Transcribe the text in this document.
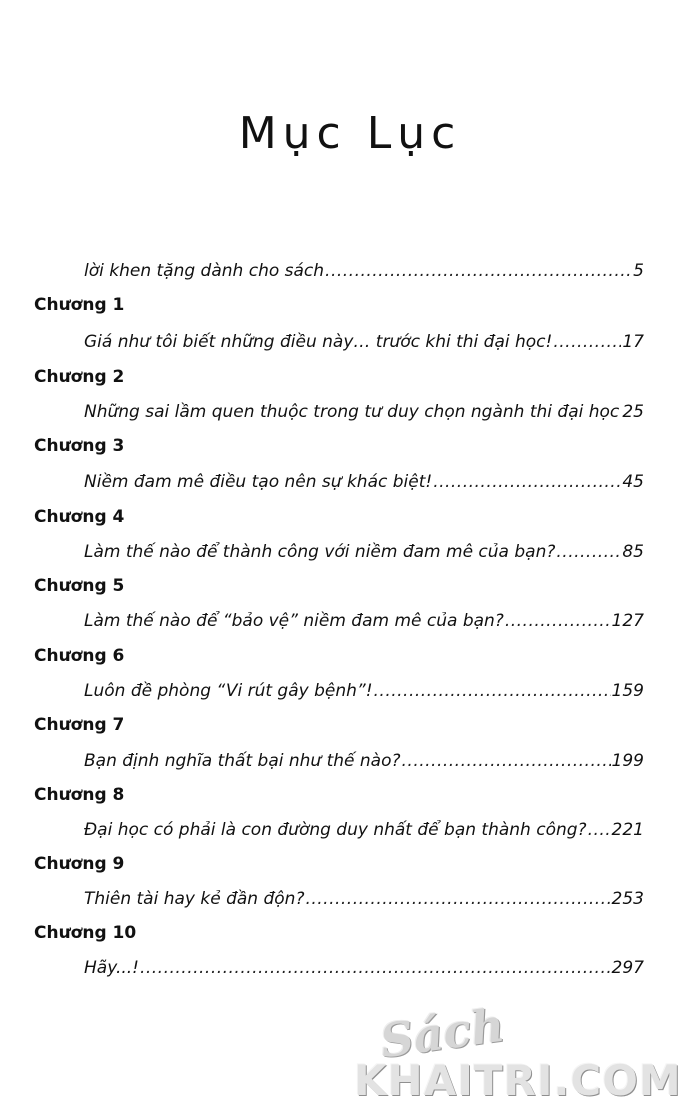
Mục Lục
lời khen tặng dành cho sách .....	5
Chương 1
Giá như tôi biết những điều này… trước khi thi đại học! .....	17
Chương 2
Những sai lầm quen thuộc trong tư duy chọn ngành thi đại học ..... 25
Chương 3
Niềm đam mê điều tạo nên sự khác biệt! .....	45
Chương 4
Làm thế nào để thành công với niềm đam mê của bạn? .....	85
Chương 5
Làm thế nào để “bảo vệ” niềm đam mê của bạn? .....	127
Chương 6
Luôn đề phòng “Vi rút gây bệnh”! .....	159
Chương 7
Bạn định nghĩa thất bại như thế nào? .....	199
Chương 8
Đại học có phải là con đường duy nhất để bạn thành công? ..... 221
Chương 9
Thiên tài hay kẻ đần độn? .....	253
Chương 10
Hãy...! .....	297
Sách
KHAITRI.COM
